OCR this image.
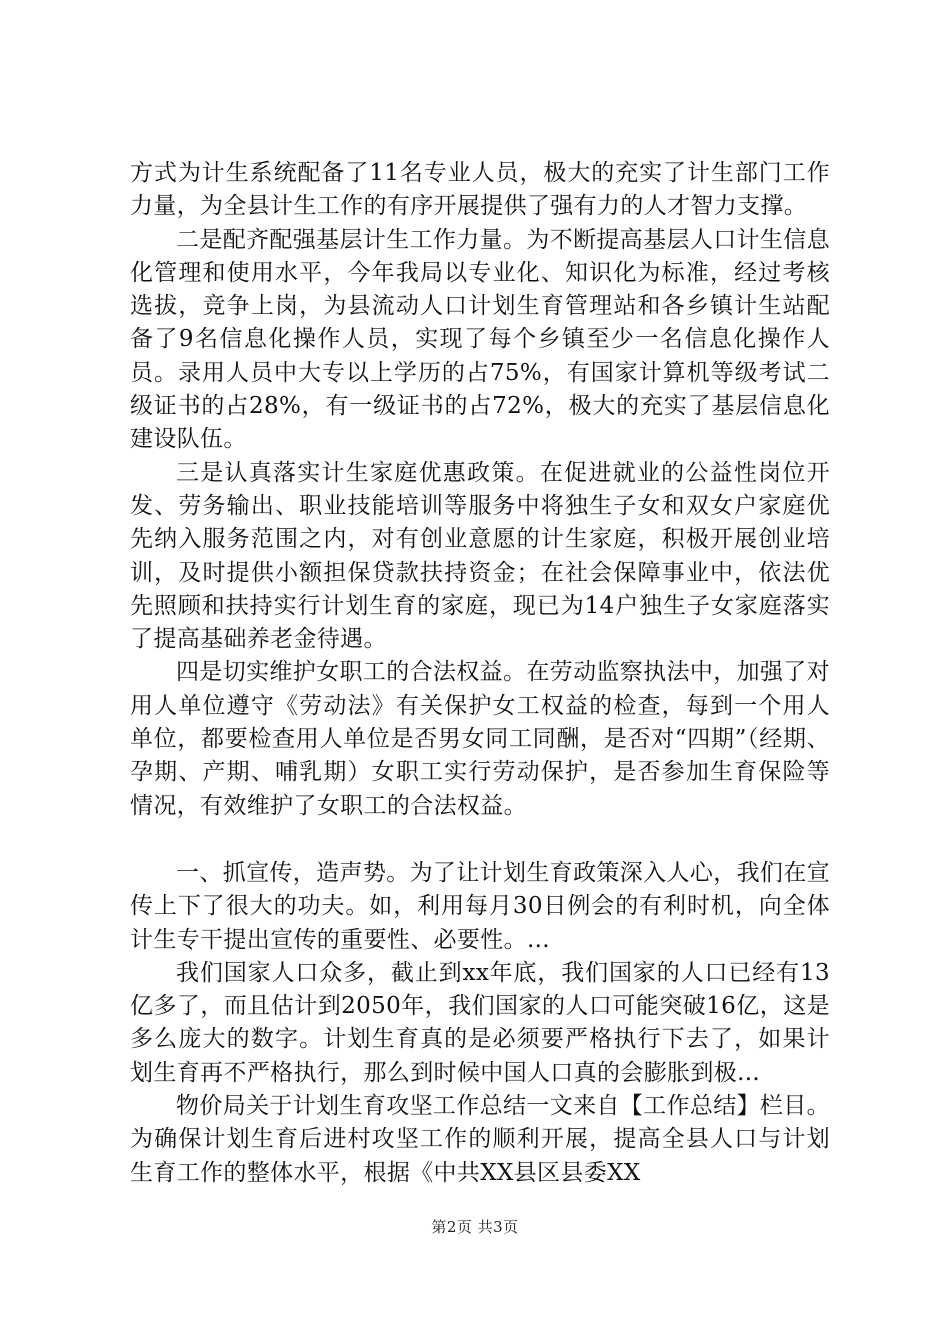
方式为计生系统配备了11名专业人员，极大的充实了计生部门工作力量，为全县计生工作的有序开展提供了强有力的人才智力支撑。

二是配齐配强基层计生工作力量。为不断提高基层人口计生信息化管理和使用水平，今年我局以专业化、知识化为标准，经过考核选拔，竞争上岗，为县流动人口计划生育管理站和各乡镇计生站配备了9名信息化操作人员，实现了每个乡镇至少一名信息化操作人员。录用人员中大专以上学历的占75%，有国家计算机等级考试二级证书的占28%，有一级证书的占72%，极大的充实了基层信息化建设队伍。

三是认真落实计生家庭优惠政策。在促进就业的公益性岗位开发、劳务输出、职业技能培训等服务中将独生子女和双女户家庭优先纳入服务范围之内，对有创业意愿的计生家庭，积极开展创业培训，及时提供小额担保贷款扶持资金；在社会保障事业中，依法优先照顾和扶持实行计划生育的家庭，现已为14户独生子女家庭落实了提高基础养老金待遇。

四是切实维护女职工的合法权益。在劳动监察执法中，加强了对用人单位遵守《劳动法》有关保护女工权益的检查，每到一个用人单位，都要检查用人单位是否男女同工同酬，是否对“四期”（经期、孕期、产期、哺乳期）女职工实行劳动保护，是否参加生育保险等情况，有效维护了女职工的合法权益。

一、抓宣传，造声势。为了让计划生育政策深入人心，我们在宣传上下了很大的功夫。如，利用每月30日例会的有利时机，向全体计生专干提出宣传的重要性、必要性。...

我们国家人口众多，截止到xx年底，我们国家的人口已经有13亿多了，而且估计到2050年，我们国家的人口可能突破16亿，这是多么庞大的数字。计划生育真的是必须要严格执行下去了，如果计划生育再不严格执行，那么到时候中国人口真的会膨胀到极...

物价局关于计划生育攻坚工作总结一文来自【工作总结】栏目。为确保计划生育后进村攻坚工作的顺利开展，提高全县人口与计划生育工作的整体水平，根据《中共XX县区县委XX

第2页 共3页
